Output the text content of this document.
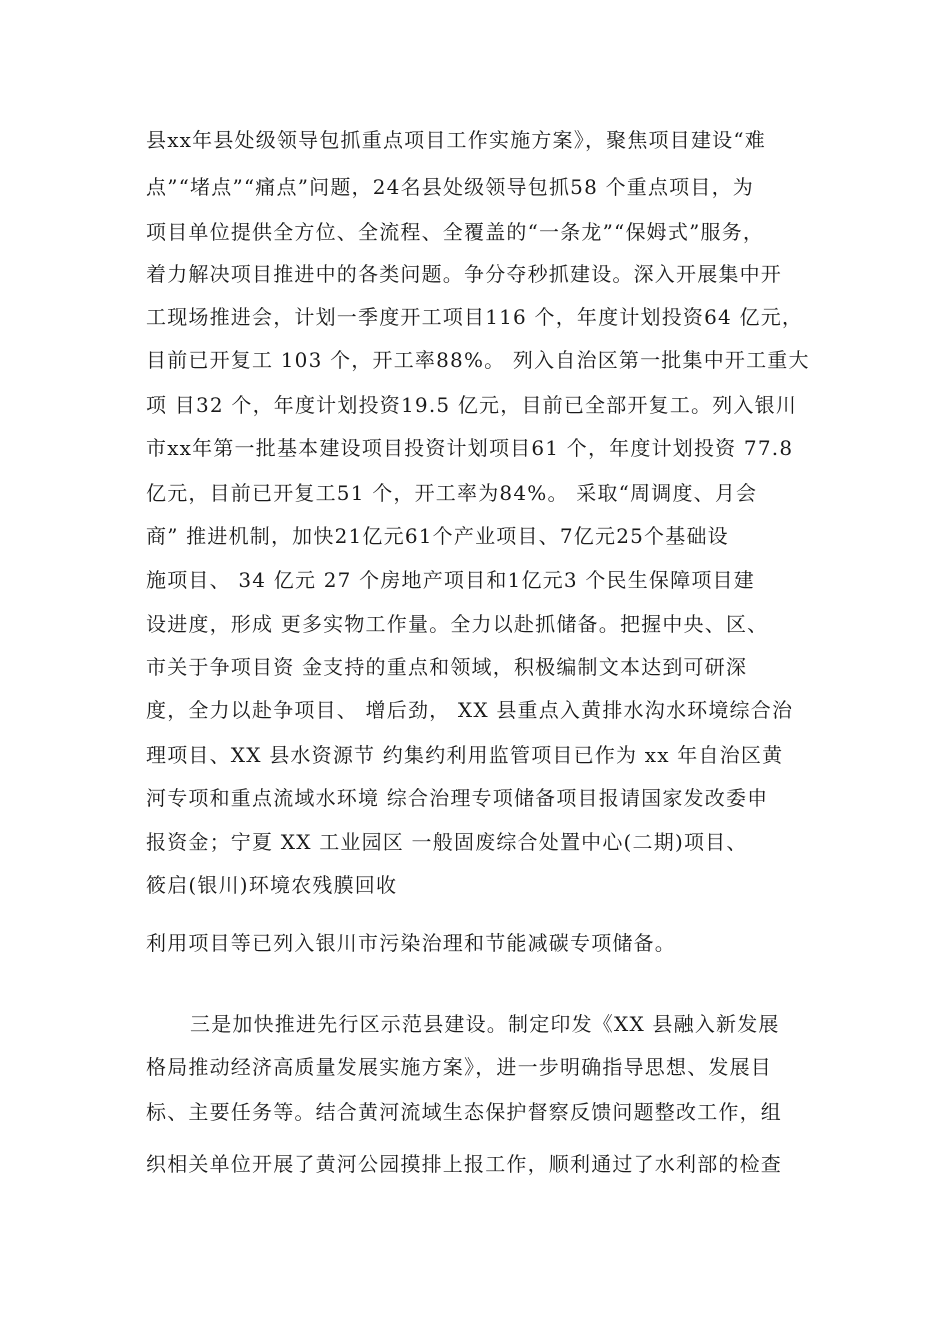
县xx年县处级领导包抓重点项目工作实施方案》，聚焦项目建设“难
点”“堵点”“痛点”问题，24名县处级领导包抓58 个重点项目，为
项目单位提供全方位、全流程、全覆盖的“一条龙”“保姆式”服务，
着力解决项目推进中的各类问题。争分夺秒抓建设。深入开展集中开
工现场推进会，计划一季度开工项目116 个，年度计划投资64 亿元，
目前已开复工 103 个，开工率88%。 列入自治区第一批集中开工重大
项 目32 个，年度计划投资19.5 亿元，目前已全部开复工。列入银川
市xx年第一批基本建设项目投资计划项目61 个，年度计划投资 77.8
亿元，目前已开复工51 个，开工率为84%。 采取“周调度、月会
商” 推进机制，加快21亿元61个产业项目、7亿元25个基础设
施项目、 34 亿元 27 个房地产项目和1亿元3 个民生保障项目建
设进度，形成 更多实物工作量。全力以赴抓储备。把握中央、区、
市关于争项目资 金支持的重点和领域，积极编制文本达到可研深
度，全力以赴争项目、 增后劲， XX 县重点入黄排水沟水环境综合治
理项目、XX 县水资源节 约集约利用监管项目已作为 xx 年自治区黄
河专项和重点流域水环境 综合治理专项储备项目报请国家发改委申
报资金；宁夏 XX 工业园区 一般固废综合处置中心(二期)项目、
筱启(银川)环境农残膜回收
利用项目等已列入银川市污染治理和节能减碳专项储备。
三是加快推进先行区示范县建设。制定印发《XX 县融入新发展
格局推动经济高质量发展实施方案》，进一步明确指导思想、发展目
标、主要任务等。结合黄河流域生态保护督察反馈问题整改工作，组
织相关单位开展了黄河公园摸排上报工作，顺利通过了水利部的检查
